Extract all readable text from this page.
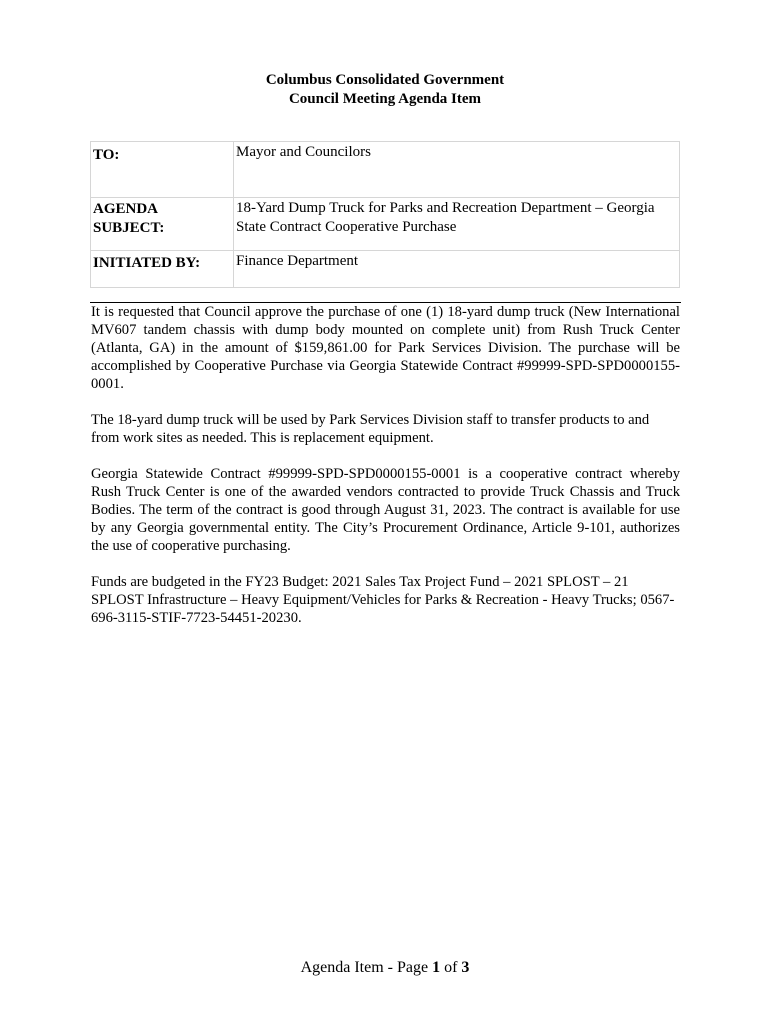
Columbus Consolidated Government
Council Meeting Agenda Item
TO:	Mayor and Councilors

AGENDA
SUBJECT:	18-Yard Dump Truck for Parks and Recreation Department – Georgia State Contract Cooperative Purchase
INITIATED BY:	Finance Department

It is requested that Council approve the purchase of one (1) 18-yard dump truck (New International MV607 tandem chassis with dump body mounted on complete unit) from Rush Truck Center (Atlanta, GA) in the amount of $159,861.00 for Park Services Division. The purchase will be accomplished by Cooperative Purchase via Georgia Statewide Contract #99999-SPD-SPD0000155-0001.

The 18-yard dump truck will be used by Park Services Division staff to transfer products to and from work sites as needed. This is replacement equipment.

Georgia Statewide Contract #99999-SPD-SPD0000155-0001 is a cooperative contract whereby Rush Truck Center is one of the awarded vendors contracted to provide Truck Chassis and Truck Bodies. The term of the contract is good through August 31, 2023. The contract is available for use by any Georgia governmental entity. The City’s Procurement Ordinance, Article 9-101, authorizes the use of cooperative purchasing.

Funds are budgeted in the FY23 Budget: 2021 Sales Tax Project Fund – 2021 SPLOST – 21 SPLOST Infrastructure – Heavy Equipment/Vehicles for Parks & Recreation - Heavy Trucks; 0567-696-3115-STIF-7723-54451-20230.

Agenda Item - Page 1 of 3
